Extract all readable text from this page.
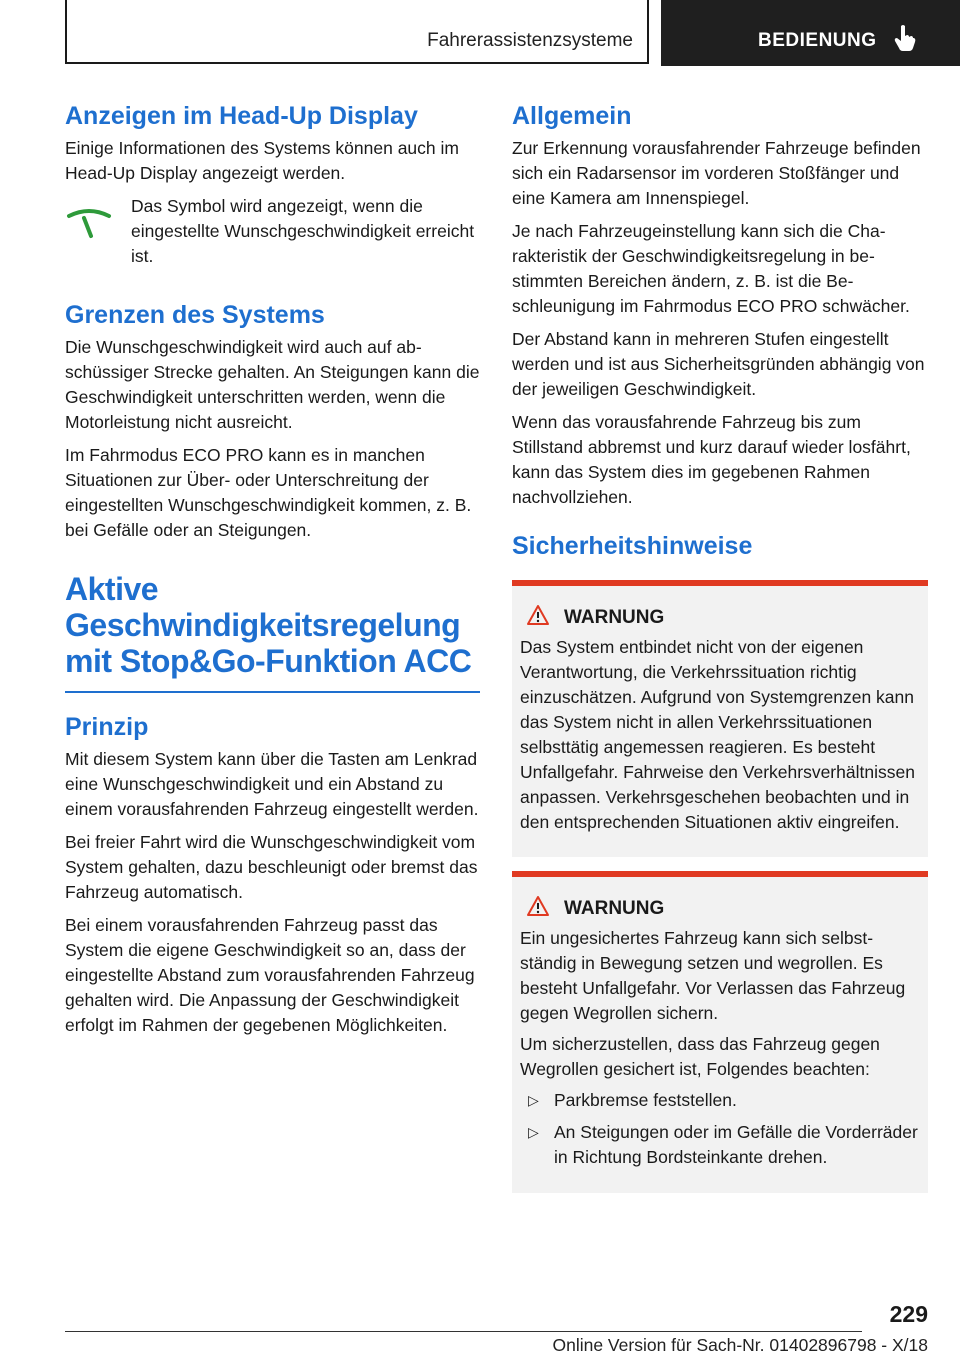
Fahrerassistenzsysteme	BEDIENUNG
Anzeigen im Head-Up Display

Einige Informationen des Systems können auch im Head-Up Display angezeigt werden.

Das Symbol wird angezeigt, wenn die eingestellte Wunschgeschwindigkeit erreicht ist.
Grenzen des Systems

Die Wunschgeschwindigkeit wird auch auf abschüssiger Strecke gehalten. An Steigungen kann die Geschwindigkeit unterschritten werden, wenn die Motorleistung nicht ausreicht.

Im Fahrmodus ECO PRO kann es in manchen Situationen zur Über- oder Unterschreitung der eingestellten Wunschgeschwindigkeit kommen, z. B. bei Gefälle oder an Steigungen.

Aktive Geschwindigkeitsregelung mit Stop&Go-Funktion ACC
Prinzip

Mit diesem System kann über die Tasten am Lenkrad eine Wunschgeschwindigkeit und ein Abstand zu einem vorausfahrenden Fahrzeug eingestellt werden.

Bei freier Fahrt wird die Wunschgeschwindigkeit vom System gehalten, dazu beschleunigt oder bremst das Fahrzeug automatisch.

Bei einem vorausfahrenden Fahrzeug passt das System die eigene Geschwindigkeit so an, dass der eingestellte Abstand zum vorausfahrenden Fahrzeug gehalten wird. Die Anpassung der Geschwindigkeit erfolgt im Rahmen der gegebenen Möglichkeiten.

Allgemein

Zur Erkennung vorausfahrender Fahrzeuge befinden sich ein Radarsensor im vorderen Stoßfänger und eine Kamera am Innenspiegel.

Je nach Fahrzeugeinstellung kann sich die Charakteristik der Geschwindigkeitsregelung in bestimmten Bereichen ändern, z. B. ist die Beschleunigung im Fahrmodus ECO PRO schwächer.

Der Abstand kann in mehreren Stufen eingestellt werden und ist aus Sicherheitsgründen abhängig von der jeweiligen Geschwindigkeit.

Wenn das vorausfahrende Fahrzeug bis zum Stillstand abbremst und kurz darauf wieder losfährt, kann das System dies im gegebenen Rahmen nachvollziehen.

Sicherheitshinweise
WARNUNG

Das System entbindet nicht von der eigenen Verantwortung, die Verkehrssituation richtig einzuschätzen. Aufgrund von Systemgrenzen kann das System nicht in allen Verkehrssituationen selbsttätig angemessen reagieren. Es besteht Unfallgefahr. Fahrweise den Verkehrsverhältnissen anpassen. Verkehrsgeschehen beobachten und in den entsprechenden Situationen aktiv eingreifen.

WARNUNG

Ein ungesichertes Fahrzeug kann sich selbstständig in Bewegung setzen und wegrollen. Es besteht Unfallgefahr. Vor Verlassen das Fahrzeug gegen Wegrollen sichern.

Um sicherzustellen, dass das Fahrzeug gegen Wegrollen gesichert ist, Folgendes beachten:

▷ Parkbremse feststellen.
▷ An Steigungen oder im Gefälle die Vorderräder in Richtung Bordsteinkante drehen.
229
Online Version für Sach-Nr. 01402896798 - X/18
